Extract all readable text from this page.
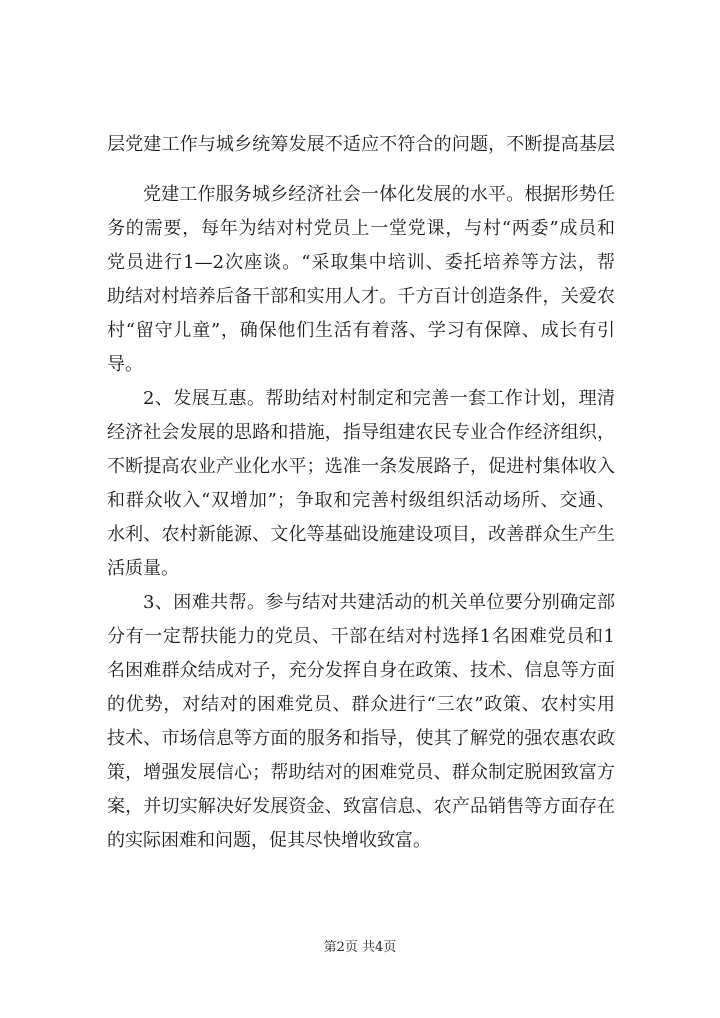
层党建工作与城乡统筹发展不适应不符合的问题，不断提高基层
党建工作服务城乡经济社会一体化发展的水平。根据形势任
务的需要，每年为结对村党员上一堂党课，与村“两委”成员和
党员进行1—2次座谈。“采取集中培训、委托培养等方法，帮
助结对村培养后备干部和实用人才。千方百计创造条件，关爱农
村“留守儿童”，确保他们生活有着落、学习有保障、成长有引
导。
2、发展互惠。帮助结对村制定和完善一套工作计划，理清
经济社会发展的思路和措施，指导组建农民专业合作经济组织，
不断提高农业产业化水平；选准一条发展路子，促进村集体收入
和群众收入“双增加”；争取和完善村级组织活动场所、交通、
水利、农村新能源、文化等基础设施建设项目，改善群众生产生
活质量。
3、困难共帮。参与结对共建活动的机关单位要分别确定部
分有一定帮扶能力的党员、干部在结对村选择1名困难党员和1
名困难群众结成对子，充分发挥自身在政策、技术、信息等方面
的优势，对结对的困难党员、群众进行“三农”政策、农村实用
技术、市场信息等方面的服务和指导，使其了解党的强农惠农政
策，增强发展信心；帮助结对的困难党员、群众制定脱困致富方
案，并切实解决好发展资金、致富信息、农产品销售等方面存在
的实际困难和问题，促其尽快增收致富。
第2页 共4页
